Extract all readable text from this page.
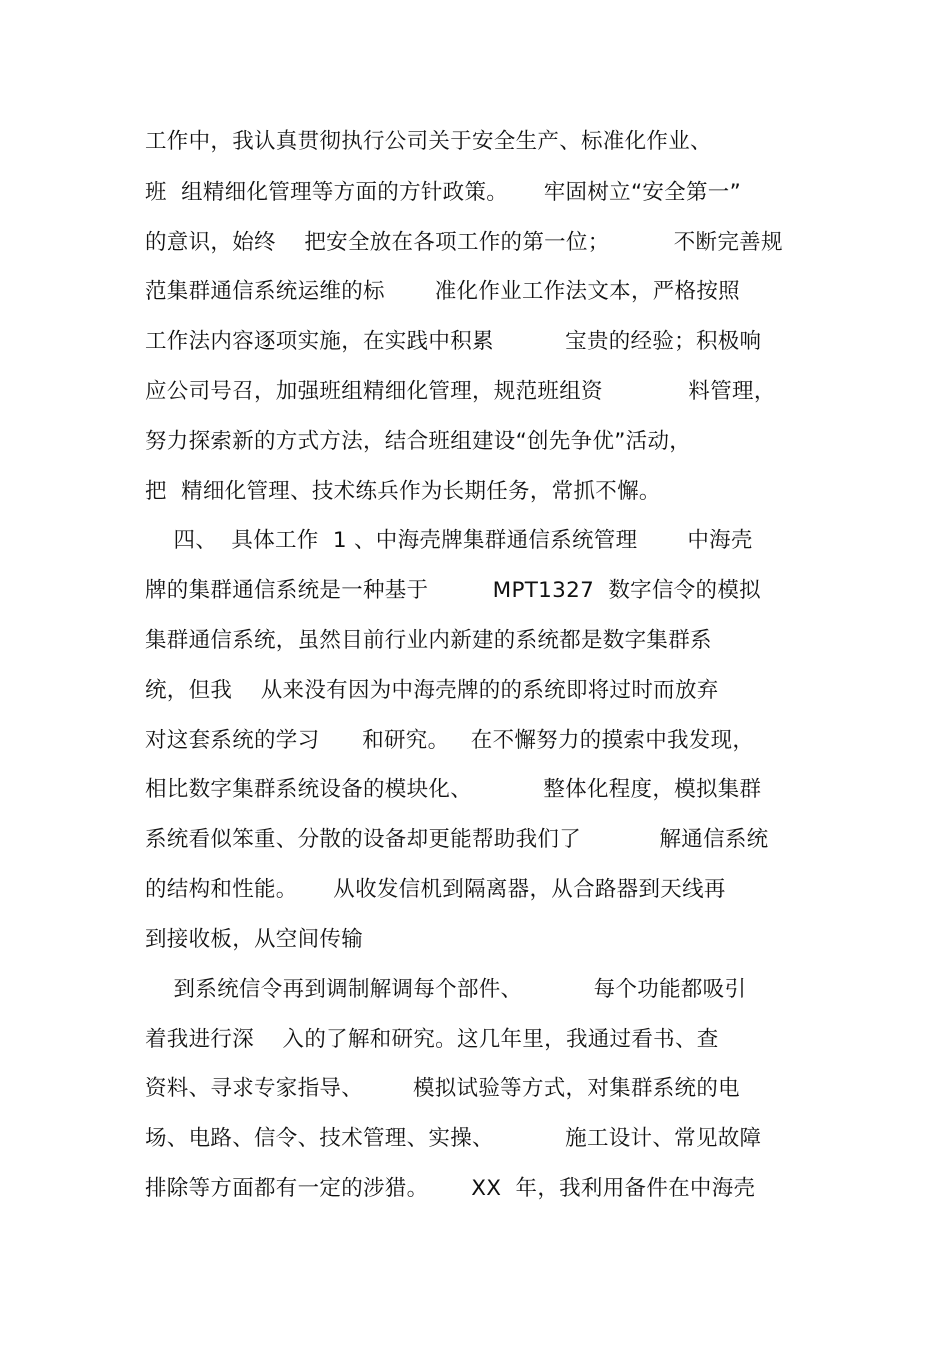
工作中，我认真贯彻执行公司关于安全生产、标准化作业、
班  组精细化管理等方面的方针政策。     牢固树立“安全第一”
的意识，始终    把安全放在各项工作的第一位；         不断完善规
范集群通信系统运维的标       准化作业工作法文本，严格按照
工作法内容逐项实施，在实践中积累          宝贵的经验；积极响
应公司号召，加强班组精细化管理，规范班组资            料管理，
努力探索新的方式方法，结合班组建设“创先争优”活动，
把  精细化管理、技术练兵作为长期任务，常抓不懈。
四、  具体工作  1 、中海壳牌集群通信系统管理       中海壳
牌的集群通信系统是一种基于         MPT1327  数字信令的模拟
集群通信系统，虽然目前行业内新建的系统都是数字集群系
统，但我    从来没有因为中海壳牌的的系统即将过时而放弃
对这套系统的学习      和研究。   在不懈努力的摸索中我发现，
相比数字集群系统设备的模块化、          整体化程度，模拟集群
系统看似笨重、分散的设备却更能帮助我们了           解通信系统
的结构和性能。     从收发信机到隔离器，从合路器到天线再
到接收板，从空间传输
到系统信令再到调制解调每个部件、          每个功能都吸引
着我进行深    入的了解和研究。这几年里，我通过看书、查
资料、寻求专家指导、       模拟试验等方式，对集群系统的电
场、电路、信令、技术管理、实操、          施工设计、常见故障
排除等方面都有一定的涉猎。      XX  年，我利用备件在中海壳
